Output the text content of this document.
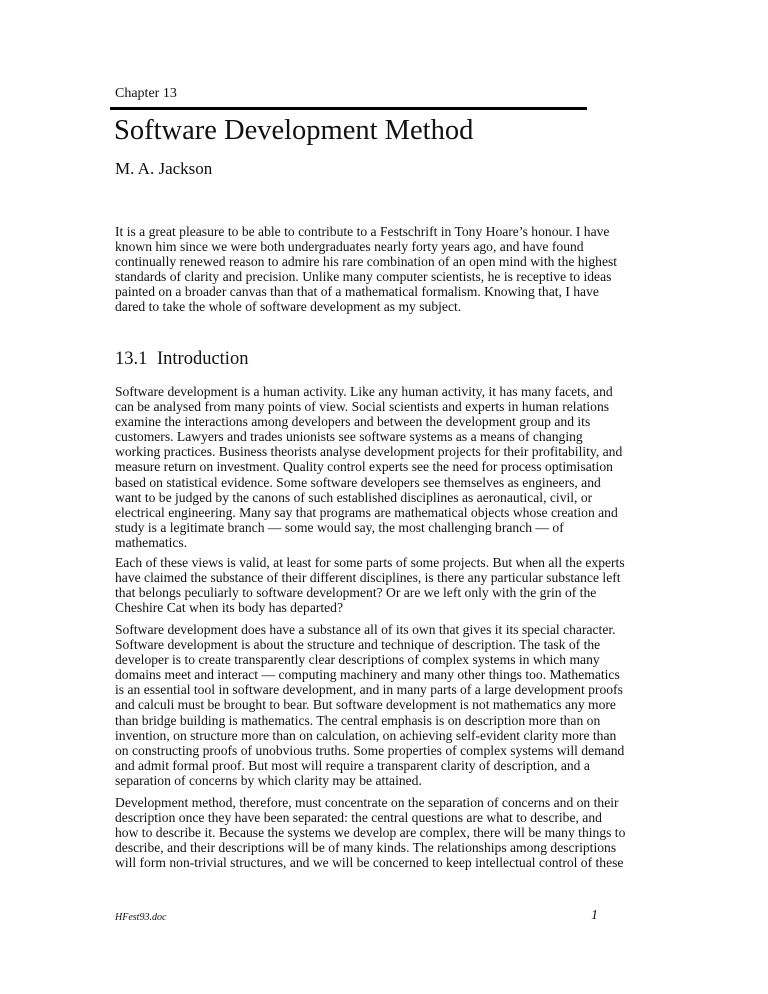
Chapter 13
Software Development Method
M. A. Jackson
It is a great pleasure to be able to contribute to a Festschrift in Tony Hoare’s honour. I have
known him since we were both undergraduates nearly forty years ago, and have found
continually renewed reason to admire his rare combination of an open mind with the highest
standards of clarity and precision. Unlike many computer scientists, he is receptive to ideas
painted on a broader canvas than that of a mathematical formalism. Knowing that, I have
dared to take the whole of software development as my subject.
13.1 Introduction
Software development is a human activity. Like any human activity, it has many facets, and
can be analysed from many points of view. Social scientists and experts in human relations
examine the interactions among developers and between the development group and its
customers. Lawyers and trades unionists see software systems as a means of changing
working practices. Business theorists analyse development projects for their profitability, and
measure return on investment. Quality control experts see the need for process optimisation
based on statistical evidence. Some software developers see themselves as engineers, and
want to be judged by the canons of such established disciplines as aeronautical, civil, or
electrical engineering. Many say that programs are mathematical objects whose creation and
study is a legitimate branch — some would say, the most challenging branch — of
mathematics.
Each of these views is valid, at least for some parts of some projects. But when all the experts
have claimed the substance of their different disciplines, is there any particular substance left
that belongs peculiarly to software development? Or are we left only with the grin of the
Cheshire Cat when its body has departed?
Software development does have a substance all of its own that gives it its special character.
Software development is about the structure and technique of description. The task of the
developer is to create transparently clear descriptions of complex systems in which many
domains meet and interact — computing machinery and many other things too. Mathematics
is an essential tool in software development, and in many parts of a large development proofs
and calculi must be brought to bear. But software development is not mathematics any more
than bridge building is mathematics. The central emphasis is on description more than on
invention, on structure more than on calculation, on achieving self-evident clarity more than
on constructing proofs of unobvious truths. Some properties of complex systems will demand
and admit formal proof. But most will require a transparent clarity of description, and a
separation of concerns by which clarity may be attained.
Development method, therefore, must concentrate on the separation of concerns and on their
description once they have been separated: the central questions are what to describe, and
how to describe it. Because the systems we develop are complex, there will be many things to
describe, and their descriptions will be of many kinds. The relationships among descriptions
will form non-trivial structures, and we will be concerned to keep intellectual control of these
HFest93.doc	1
